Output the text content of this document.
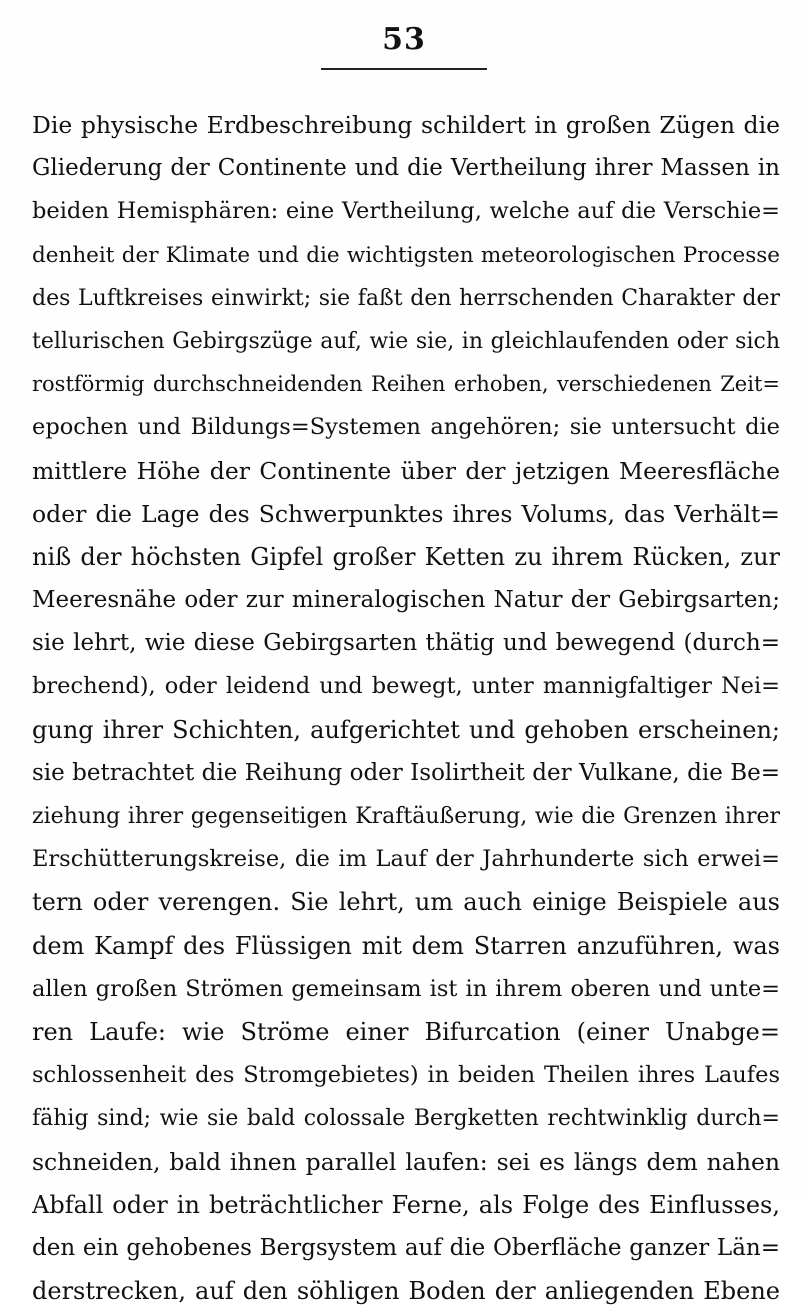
53
Die physische Erdbeschreibung schildert in großen Zügen die
Gliederung der Continente und die Vertheilung ihrer Massen in
beiden Hemisphären: eine Vertheilung, welche auf die Verschie=
denheit der Klimate und die wichtigsten meteorologischen Processe
des Luftkreises einwirkt; sie faßt den herrschenden Charakter der
tellurischen Gebirgszüge auf, wie sie, in gleichlaufenden oder sich
rostförmig durchschneidenden Reihen erhoben, verschiedenen Zeit=
epochen und Bildungs=Systemen angehören; sie untersucht die
mittlere Höhe der Continente über der jetzigen Meeresfläche
oder die Lage des Schwerpunktes ihres Volums, das Verhält=
niß der höchsten Gipfel großer Ketten zu ihrem Rücken, zur
Meeresnähe oder zur mineralogischen Natur der Gebirgsarten;
sie lehrt, wie diese Gebirgsarten thätig und bewegend (durch=
brechend), oder leidend und bewegt, unter mannigfaltiger Nei=
gung ihrer Schichten, aufgerichtet und gehoben erscheinen;
sie betrachtet die Reihung oder Isolirtheit der Vulkane, die Be=
ziehung ihrer gegenseitigen Kraftäußerung, wie die Grenzen ihrer
Erschütterungskreise, die im Lauf der Jahrhunderte sich erwei=
tern oder verengen. Sie lehrt, um auch einige Beispiele aus
dem Kampf des Flüssigen mit dem Starren anzuführen, was
allen großen Strömen gemeinsam ist in ihrem oberen und unte=
ren Laufe: wie Ströme einer Bifurcation (einer Unabge=
schlossenheit des Stromgebietes) in beiden Theilen ihres Laufes
fähig sind; wie sie bald colossale Bergketten rechtwinklig durch=
schneiden, bald ihnen parallel laufen: sei es längs dem nahen
Abfall oder in beträchtlicher Ferne, als Folge des Einflusses,
den ein gehobenes Bergsystem auf die Oberfläche ganzer Län=
derstrecken, auf den söhligen Boden der anliegenden Ebene
